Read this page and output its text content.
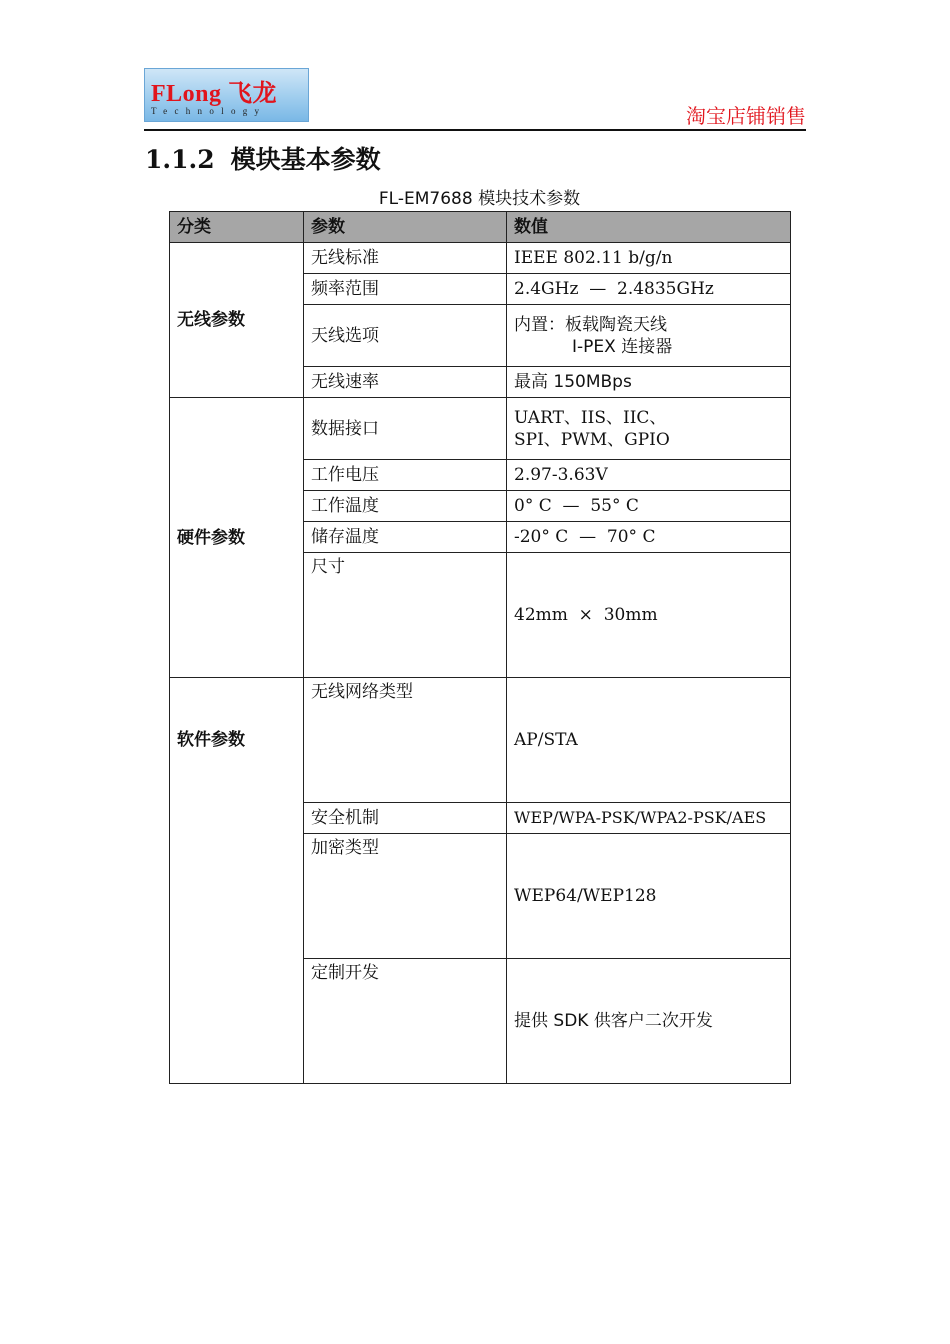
FLong 飞龙
Technology	淘宝店铺销售
1.1.2 模块基本参数
FL-EM7688 模块技术参数
分类	参数	数值
无线参数	无线标准	IEEE 802.11 b/g/n
	频率范围	2.4GHz  —  2.4835GHz
	天线选项	内置：板载陶瓷天线
I-PEX 连接器

	无线速率	最高 150MBps
硬件参数	数据接口	UART、IIS、IIC、
SPI、PWM、GPIO
	工作电压	2.97-3.63V
	工作温度	0° C  —  55° C
	储存温度	-20° C  —  70° C
	尺寸	42mm  ×  30mm
软件参数	无线网络类型	AP/STA
	安全机制	WEP/WPA-PSK/WPA2-PSK/AES
	加密类型	WEP64/WEP128
	定制开发	提供 SDK 供客户二次开发
